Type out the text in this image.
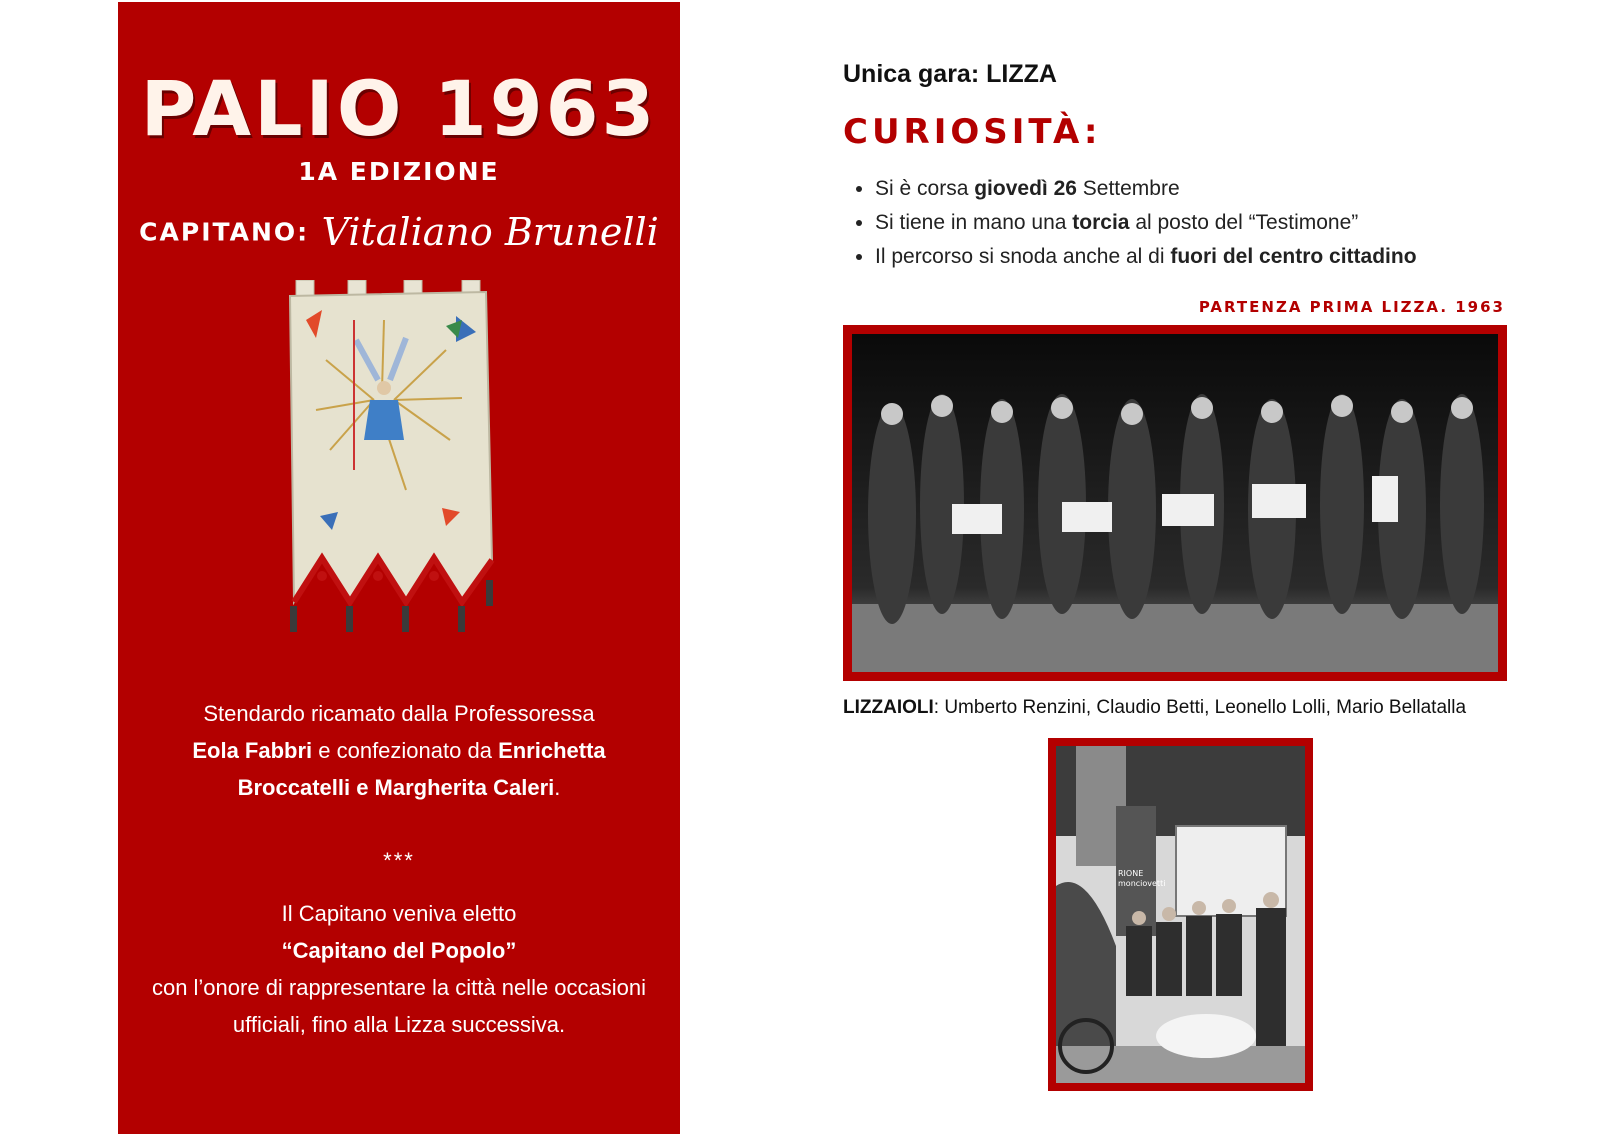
PALIO 1963
1A EDIZIONE
CAPITANO: Vitaliano Brunelli
Stendardo ricamato dalla Professoressa
Eola Fabbri e confezionato da Enrichetta Broccatelli e Margherita Caleri.
***
Il Capitano veniva eletto
“Capitano del Popolo”
con l’onore di rappresentare la città nelle occasioni ufficiali, fino alla Lizza successiva.
Unica gara: LIZZA
CURIOSITÀ:
• Si è corsa giovedì 26 Settembre
• Si tiene in mano una torcia al posto del “Testimone”
• Il percorso si snoda anche al di fuori del centro cittadino
PARTENZA PRIMA LIZZA. 1963
LIZZAIOLI: Umberto Renzini, Claudio Betti, Leonello Lolli, Mario Bellatalla
RIONE
monciovetti
